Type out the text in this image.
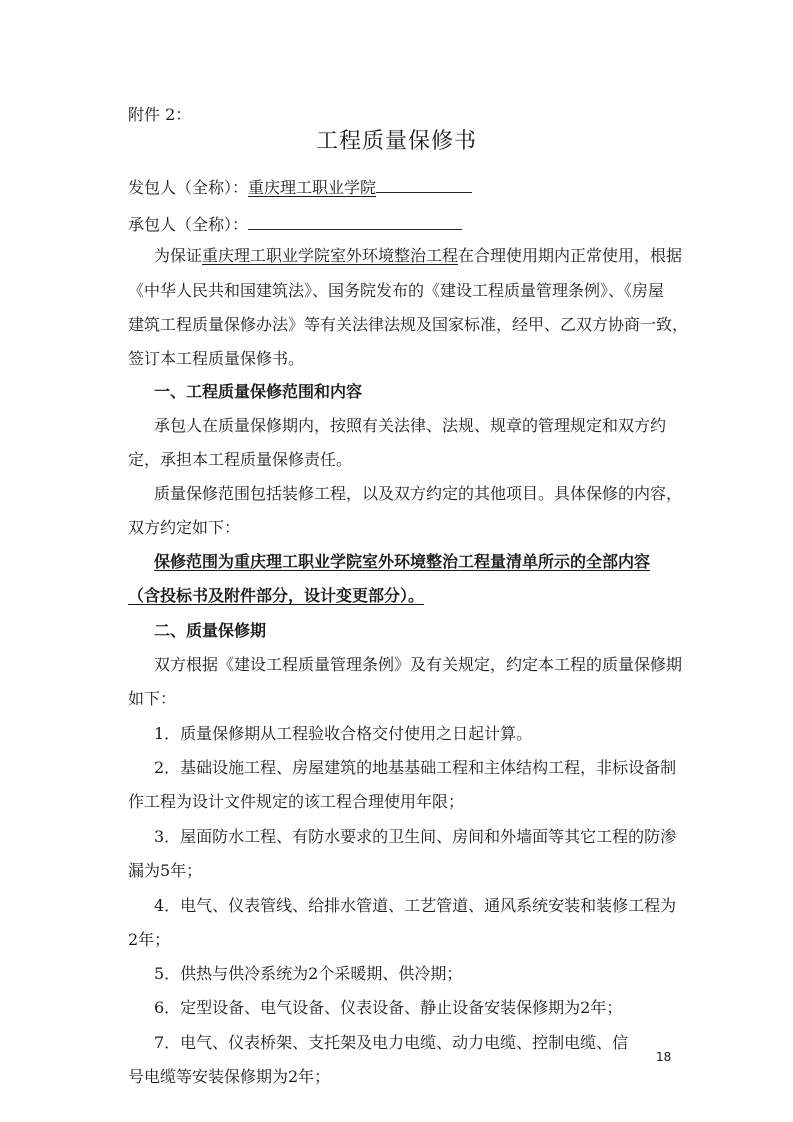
附件 2：
工程质量保修书
发包人（全称）：重庆理工职业学院
承包人（全称）：
为保证重庆理工职业学院室外环境整治工程在合理使用期内正常使用，根据
《中华人民共和国建筑法》、国务院发布的《建设工程质量管理条例》、《房屋
建筑工程质量保修办法》等有关法律法规及国家标准，经甲、乙双方协商一致，
签订本工程质量保修书。
一、工程质量保修范围和内容
承包人在质量保修期内，按照有关法律、法规、规章的管理规定和双方约
定，承担本工程质量保修责任。
质量保修范围包括装修工程，以及双方约定的其他项目。具体保修的内容，
双方约定如下：
保修范围为重庆理工职业学院室外环境整治工程量清单所示的全部内容
（含投标书及附件部分，设计变更部分）。
二、质量保修期
双方根据《建设工程质量管理条例》及有关规定，约定本工程的质量保修期
如下：
1．质量保修期从工程验收合格交付使用之日起计算。
2．基础设施工程、房屋建筑的地基基础工程和主体结构工程，非标设备制
作工程为设计文件规定的该工程合理使用年限；
3．屋面防水工程、有防水要求的卫生间、房间和外墙面等其它工程的防渗
漏为5年；
4．电气、仪表管线、给排水管道、工艺管道、通风系统安装和装修工程为
2年；
5．供热与供冷系统为2个采暖期、供冷期；
6．定型设备、电气设备、仪表设备、静止设备安装保修期为2年；
7．电气、仪表桥架、支托架及电力电缆、动力电缆、控制电缆、信
号电缆等安装保修期为2年；
18
